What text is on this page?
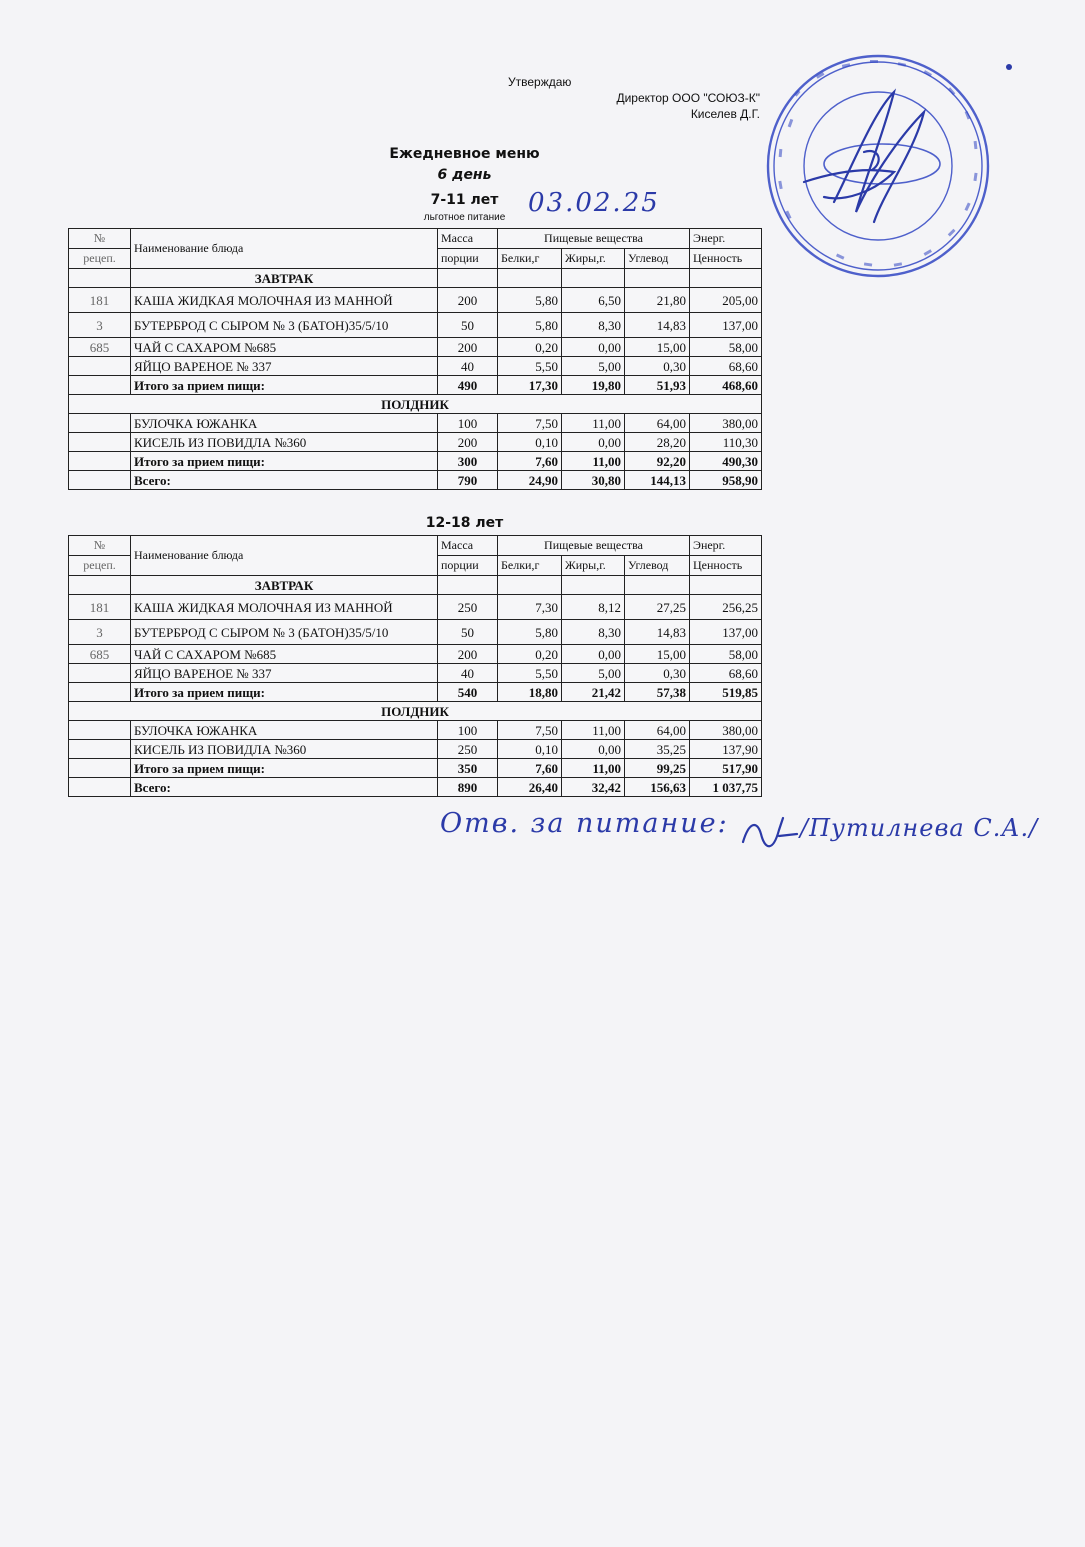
Утверждаю
Директор ООО "СОЮЗ-К"
Киселев Д.Г.
Ежедневное меню
6 день
7-11 лет
льготное питание 03.02.25
№	Наименование блюда	Масса	Пищевые вещества			Энерг.
рецеп.		порции	Белки,г	Жиры,г.	Углевод	Ценность
	ЗАВТРАК					
181	КАША ЖИДКАЯ МОЛОЧНАЯ ИЗ МАННОЙ	200	5,80	6,50	21,80	205,00
3	БУТЕРБРОД С СЫРОМ № 3 (БАТОН)35/5/10	50	5,80	8,30	14,83	137,00
685	ЧАЙ С САХАРОМ №685	200	0,20	0,00	15,00	58,00
	ЯЙЦО ВАРЕНОЕ № 337	40	5,50	5,00	0,30	68,60
	Итого за прием пищи:	490	17,30	19,80	51,93	468,60
ПОЛДНИК						
	БУЛОЧКА ЮЖАНКА	100	7,50	11,00	64,00	380,00
	КИСЕЛЬ ИЗ ПОВИДЛА №360	200	0,10	0,00	28,20	110,30
	Итого за прием пищи:	300	7,60	11,00	92,20	490,30
	Всего:	790	24,90	30,80	144,13	958,90
12-18 лет
№	Наименование блюда	Масса	Пищевые вещества			Энерг.
рецеп.		порции	Белки,г	Жиры,г.	Углевод	Ценность
	ЗАВТРАК					
181	КАША ЖИДКАЯ МОЛОЧНАЯ ИЗ МАННОЙ	250	7,30	8,12	27,25	256,25
3	БУТЕРБРОД С СЫРОМ № 3 (БАТОН)35/5/10	50	5,80	8,30	14,83	137,00
685	ЧАЙ С САХАРОМ №685	200	0,20	0,00	15,00	58,00
	ЯЙЦО ВАРЕНОЕ № 337	40	5,50	5,00	0,30	68,60
	Итого за прием пищи:	540	18,80	21,42	57,38	519,85
ПОЛДНИК						
	БУЛОЧКА ЮЖАНКА	100	7,50	11,00	64,00	380,00
	КИСЕЛЬ ИЗ ПОВИДЛА №360	250	0,10	0,00	35,25	137,90
	Итого за прием пищи:	350	7,60	11,00	99,25	517,90
	Всего:	890	26,40	32,42	156,63	1 037,75
Отв. за питание:	/Путилнева С.А./
